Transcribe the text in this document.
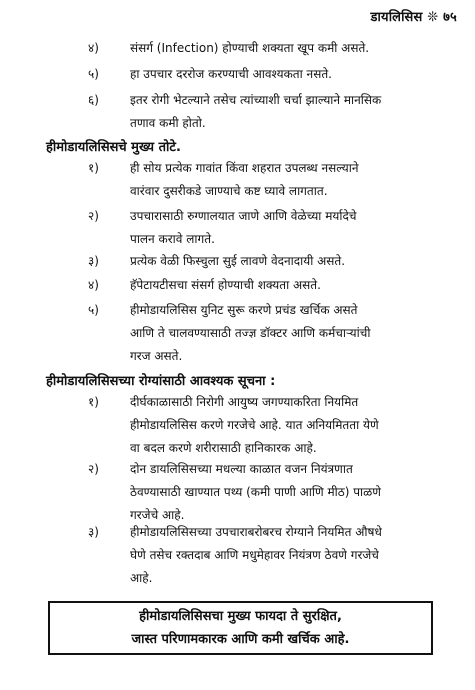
डायलिसिस ❊ ७५
४)	संसर्ग (Infection) होण्याची शक्यता खूप कमी असते.
५)	हा उपचार दररोज करण्याची आवश्यकता नसते.
६)	इतर रोगी भेटल्याने तसेच त्यांच्याशी चर्चा झाल्याने मानसिक
तणाव कमी होतो.
हीमोडायलिसिसचे मुख्य तोटे.
१)	ही सोय प्रत्येक गावांत किंवा शहरात उपलब्ध नसल्याने
वारंवार दुसरीकडे जाण्याचे कष्ट घ्यावे लागतात.
२)	उपचारासाठी रुग्णालयात जाणे आणि वेळेच्या मर्यादेचे
पालन करावे लागते.
३)	प्रत्येक वेळी फिस्चुला सुई लावणे वेदनादायी असते.
४)	हॅपेटायटीसचा संसर्ग होण्याची शक्यता असते.
५)	हीमोडायलिसिस युनिट सुरू करणे प्रचंड खर्चिक असते
आणि ते चालवण्यासाठी तज्ज्ञ डॉक्टर आणि कर्मचाऱ्यांची
गरज असते.
हीमोडायलिसिसच्या रोग्यांसाठी आवश्यक सूचना :
१)	दीर्घकाळासाठी निरोगी आयुष्य जगण्याकरिता नियमित
हीमोडायलिसिस करणे गरजेचे आहे. यात अनियमितता येणे
वा बदल करणे शरीरासाठी हानिकारक आहे.
२)	दोन डायलिसिसच्या मधल्या काळात वजन नियंत्रणात
ठेवण्यासाठी खाण्यात पथ्य (कमी पाणी आणि मीठ) पाळणे
गरजेचे आहे.
३)	हीमोडायलिसिसच्या उपचाराबरोबरच रोग्याने नियमित औषधे
घेणे तसेच रक्तदाब आणि मधुमेहावर नियंत्रण ठेवणे गरजेचे
आहे.
हीमोडायलिसिसचा मुख्य फायदा ते सुरक्षित,
जास्त परिणामकारक आणि कमी खर्चिक आहे.
